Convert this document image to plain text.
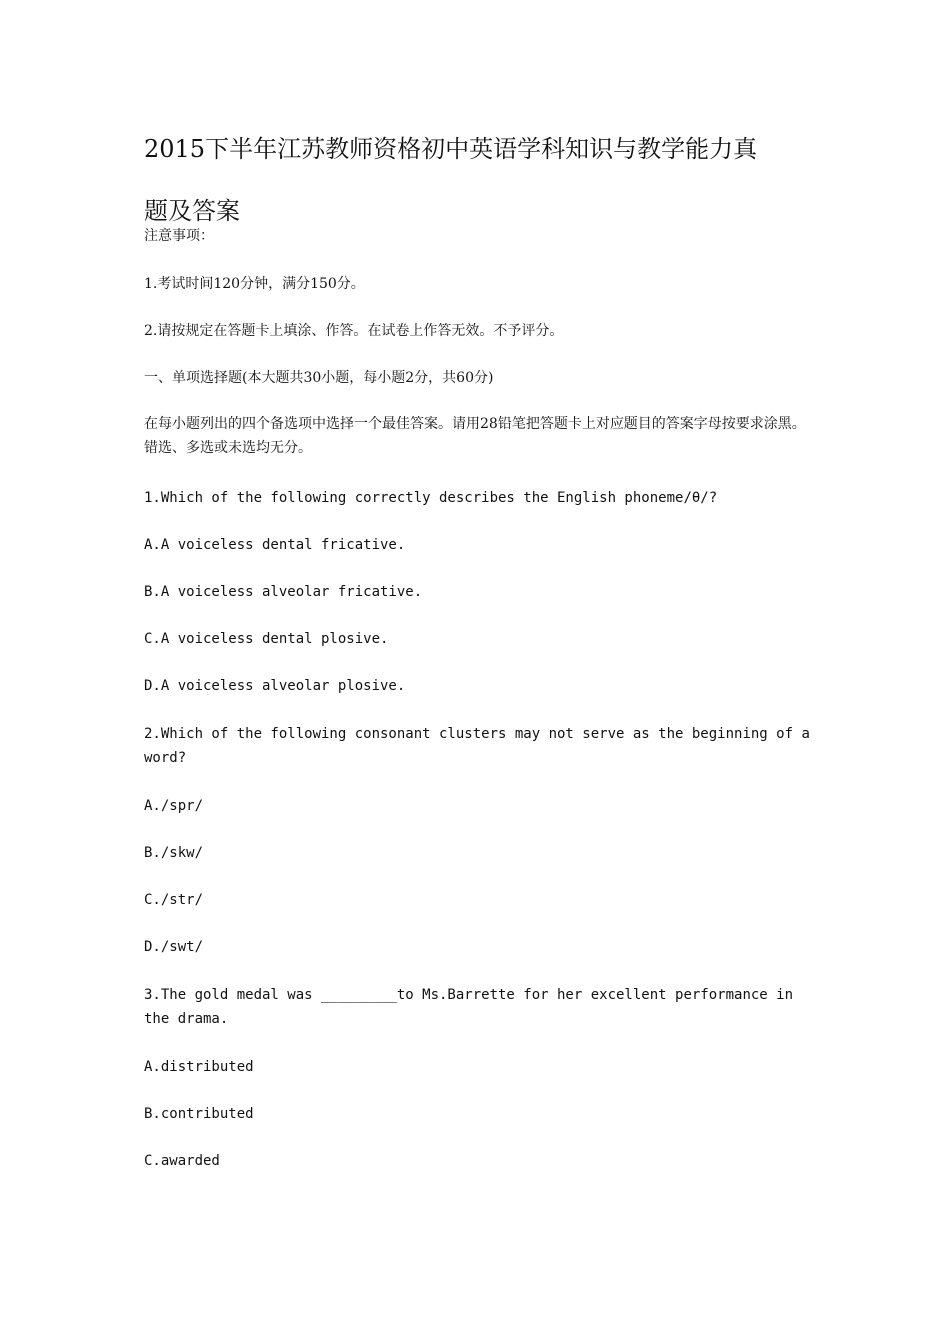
2015下半年江苏教师资格初中英语学科知识与教学能力真
题及答案
注意事项：
1.考试时间120分钟，满分150分。
2.请按规定在答题卡上填涂、作答。在试卷上作答无效。不予评分。
一、单项选择题(本大题共30小题，每小题2分，共60分)
在每小题列出的四个备选项中选择一个最佳答案。请用28铅笔把答题卡上对应题目的答案字母按要求涂黑。错选、多选或未选均无分。
1.Which of the following correctly describes the English phoneme/θ/?
A.A voiceless dental fricative.
B.A voiceless alveolar fricative.
C.A voiceless dental plosive.
D.A voiceless alveolar plosive.
2.Which of the following consonant clusters may not serve as the beginning of a word?
A./spr/
B./skw/
C./str/
D./swt/
3.The gold medal was _________to Ms.Barrette for her excellent performance in the drama.
A.distributed
B.contributed
C.awarded
